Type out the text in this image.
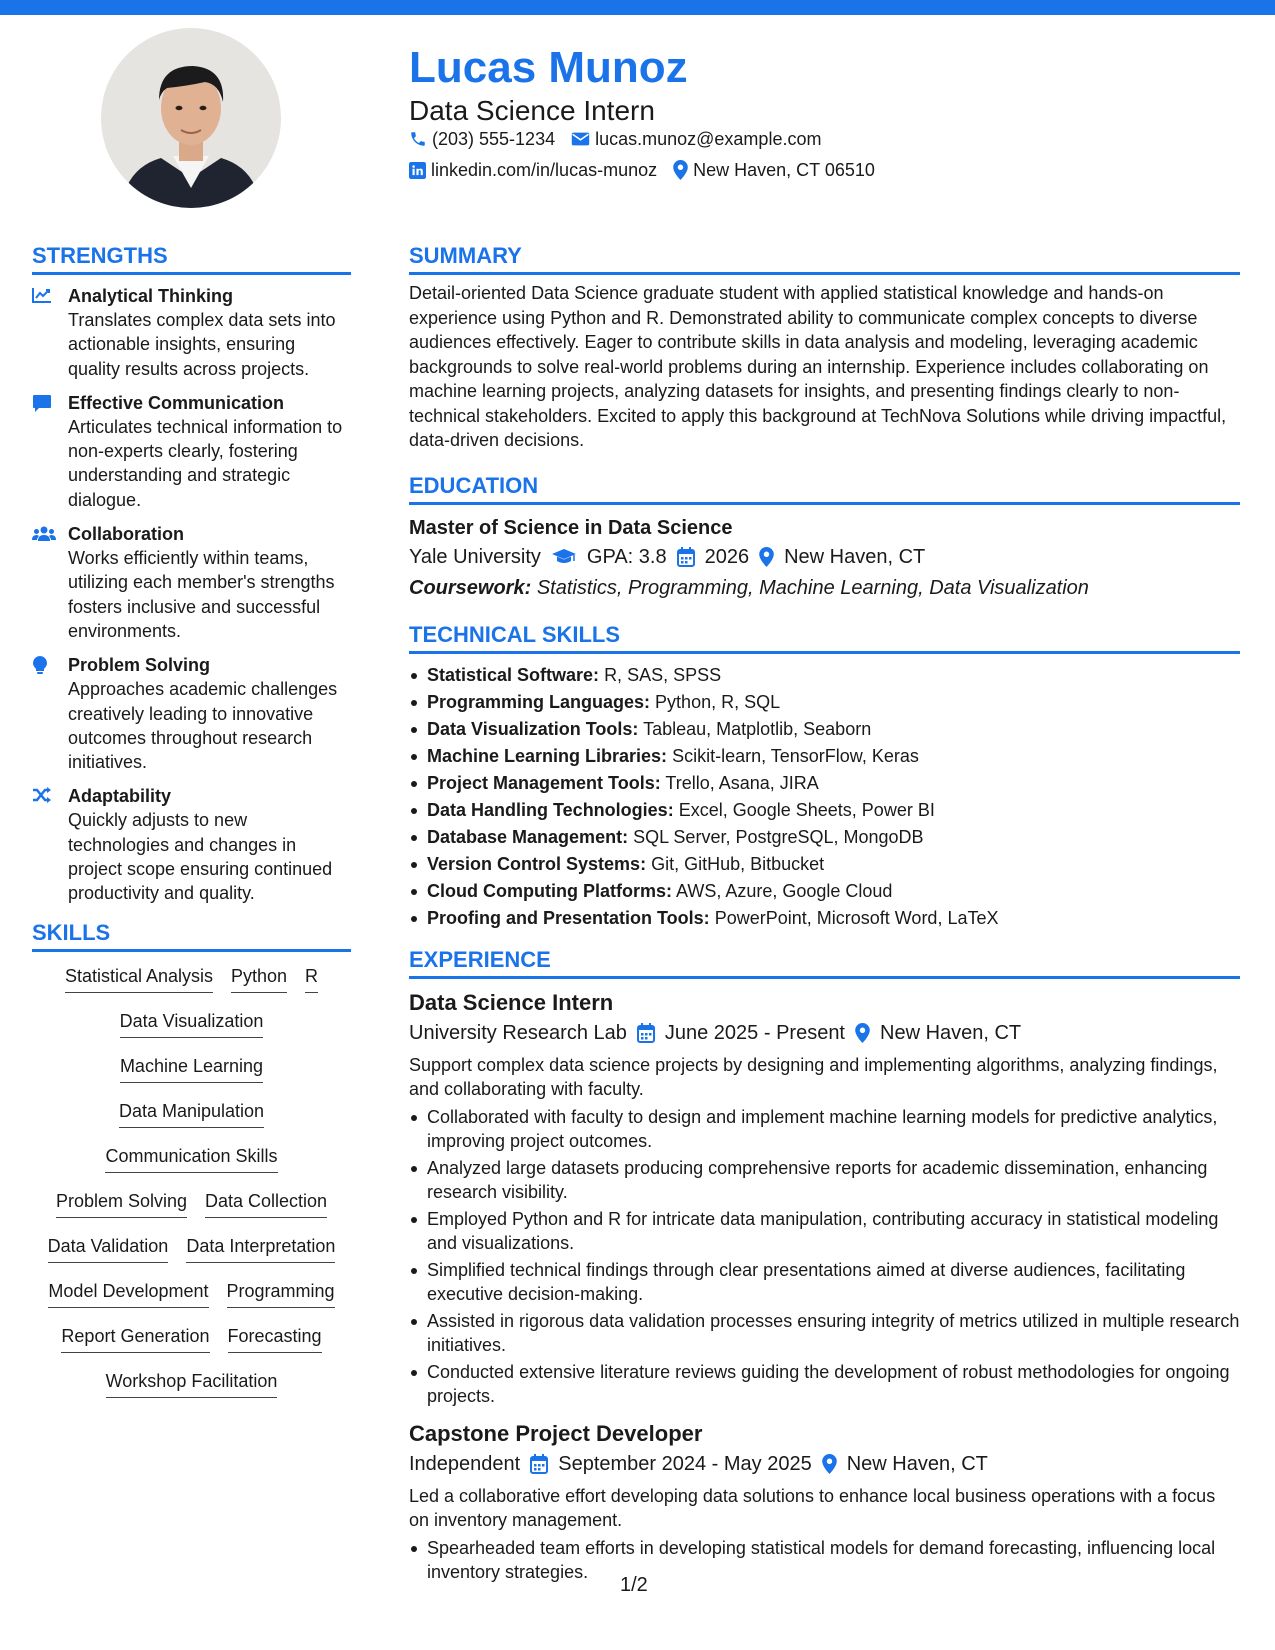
Lucas Munoz
Data Science Intern
(203) 555-1234 lucas.munoz@example.com
linkedin.com/in/lucas-munoz New Haven, CT 06510
STRENGTHS
Analytical Thinking
Translates complex data sets into actionable insights, ensuring quality results across projects.
Effective Communication
Articulates technical information to non-experts clearly, fostering understanding and strategic dialogue.
Collaboration
Works efficiently within teams, utilizing each member's strengths fosters inclusive and successful environments.
Problem Solving
Approaches academic challenges creatively leading to innovative outcomes throughout research initiatives.
Adaptability
Quickly adjusts to new technologies and changes in project scope ensuring continued productivity and quality.
SKILLS
Statistical Analysis Python R
Data Visualization
Machine Learning
Data Manipulation
Communication Skills
Problem Solving Data Collection
Data Validation Data Interpretation
Model Development Programming
Report Generation Forecasting
Workshop Facilitation
SUMMARY

Detail-oriented Data Science graduate student with applied statistical knowledge and hands-on experience using Python and R. Demonstrated ability to communicate complex concepts to diverse audiences effectively. Eager to contribute skills in data analysis and modeling, leveraging academic backgrounds to solve real-world problems during an internship. Experience includes collaborating on machine learning projects, analyzing datasets for insights, and presenting findings clearly to non-technical stakeholders. Excited to apply this background at TechNova Solutions while driving impactful, data-driven decisions.

EDUCATION
Master of Science in Data Science
Yale University GPA: 3.8 2026 New Haven, CT
Coursework: Statistics, Programming, Machine Learning, Data Visualization
TECHNICAL SKILLS
Statistical Software: R, SAS, SPSS
Programming Languages: Python, R, SQL
Data Visualization Tools: Tableau, Matplotlib, Seaborn
Machine Learning Libraries: Scikit-learn, TensorFlow, Keras
Project Management Tools: Trello, Asana, JIRA
Data Handling Technologies: Excel, Google Sheets, Power BI
Database Management: SQL Server, PostgreSQL, MongoDB
Version Control Systems: Git, GitHub, Bitbucket
Cloud Computing Platforms: AWS, Azure, Google Cloud
Proofing and Presentation Tools: PowerPoint, Microsoft Word, LaTeX
EXPERIENCE
Data Science Intern
University Research Lab June 2025 - Present New Haven, CT

Support complex data science projects by designing and implementing algorithms, analyzing findings, and collaborating with faculty.

Collaborated with faculty to design and implement machine learning models for predictive analytics, improving project outcomes.
Analyzed large datasets producing comprehensive reports for academic dissemination, enhancing research visibility.
Employed Python and R for intricate data manipulation, contributing accuracy in statistical modeling and visualizations.
Simplified technical findings through clear presentations aimed at diverse audiences, facilitating executive decision-making.
Assisted in rigorous data validation processes ensuring integrity of metrics utilized in multiple research initiatives.
Conducted extensive literature reviews guiding the development of robust methodologies for ongoing projects.
Capstone Project Developer
Independent September 2024 - May 2025 New Haven, CT

Led a collaborative effort developing data solutions to enhance local business operations with a focus on inventory management.

Spearheaded team efforts in developing statistical models for demand forecasting, influencing local inventory strategies.
1/2
